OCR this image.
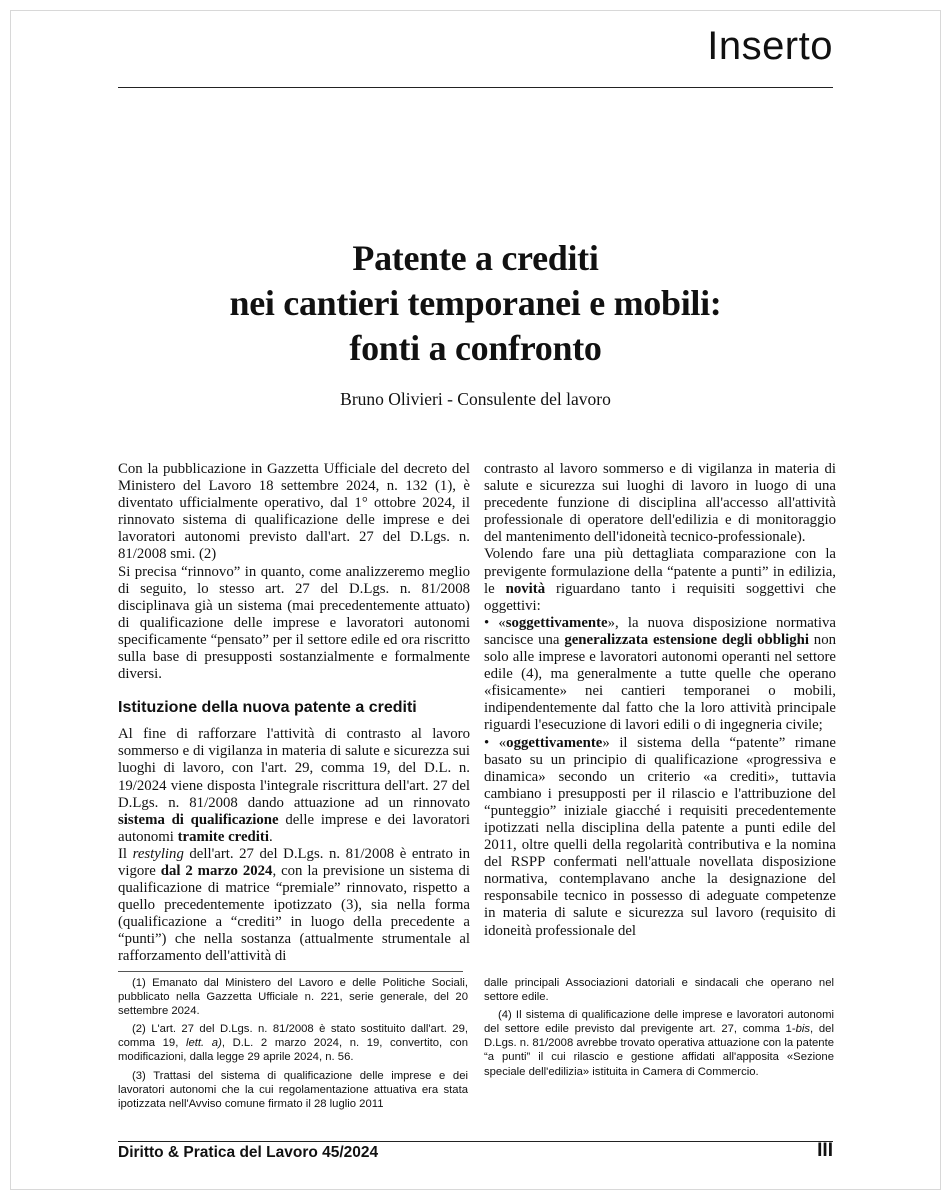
Inserto
Patente a crediti
nei cantieri temporanei e mobili:
fonti a confronto
Bruno Olivieri - Consulente del lavoro

Con la pubblicazione in Gazzetta Ufficiale del decreto del Ministero del Lavoro 18 settembre 2024, n. 132 (1), è diventato ufficialmente operativo, dal 1° ottobre 2024, il rinnovato sistema di qualificazione delle imprese e dei lavoratori autonomi previsto dall'art. 27 del D.Lgs. n. 81/2008 smi. (2)

Si precisa “rinnovo” in quanto, come analizzeremo meglio di seguito, lo stesso art. 27 del D.Lgs. n. 81/2008 disciplinava già un sistema (mai precedentemente attuato) di qualificazione delle imprese e lavoratori autonomi specificamente “pensato” per il settore edile ed ora riscritto sulla base di presupposti sostanzialmente e formalmente diversi.

Istituzione della nuova patente a crediti

Al fine di rafforzare l'attività di contrasto al lavoro sommerso e di vigilanza in materia di salute e sicurezza sui luoghi di lavoro, con l'art. 29, comma 19, del D.L. n. 19/2024 viene disposta l'integrale riscrittura dell'art. 27 del D.Lgs. n. 81/2008 dando attuazione ad un rinnovato sistema di qualificazione delle imprese e dei lavoratori autonomi tramite crediti.

Il restyling dell'art. 27 del D.Lgs. n. 81/2008 è entrato in vigore dal 2 marzo 2024, con la previsione un sistema di qualificazione di matrice “premiale” rinnovato, rispetto a quello precedentemente ipotizzato (3), sia nella forma (qualificazione a “crediti” in luogo della precedente a “punti”) che nella sostanza (attualmente strumentale al rafforzamento dell'attività di

contrasto al lavoro sommerso e di vigilanza in materia di salute e sicurezza sui luoghi di lavoro in luogo di una precedente funzione di disciplina all'accesso all'attività professionale di operatore dell'edilizia e di monitoraggio del mantenimento dell'idoneità tecnico-professionale).

Volendo fare una più dettagliata comparazione con la previgente formulazione della “patente a punti” in edilizia, le novità riguardano tanto i requisiti soggettivi che oggettivi:

• «soggettivamente», la nuova disposizione normativa sancisce una generalizzata estensione degli obblighi non solo alle imprese e lavoratori autonomi operanti nel settore edile (4), ma generalmente a tutte quelle che operano «fisicamente» nei cantieri temporanei o mobili, indipendentemente dal fatto che la loro attività principale riguardi l'esecuzione di lavori edili o di ingegneria civile;

• «oggettivamente» il sistema della “patente” rimane basato su un principio di qualificazione «progressiva e dinamica» secondo un criterio «a crediti», tuttavia cambiano i presupposti per il rilascio e l'attribuzione del “punteggio” iniziale giacché i requisiti precedentemente ipotizzati nella disciplina della patente a punti edile del 2011, oltre quelli della regolarità contributiva e la nomina del RSPP confermati nell'attuale novellata disposizione normativa, contemplavano anche la designazione del responsabile tecnico in possesso di adeguate competenze in materia di salute e sicurezza sul lavoro (requisito di idoneità professionale del

(1) Emanato dal Ministero del Lavoro e delle Politiche Sociali, pubblicato nella Gazzetta Ufficiale n. 221, serie generale, del 20 settembre 2024.

(2) L'art. 27 del D.Lgs. n. 81/2008 è stato sostituito dall'art. 29, comma 19, lett. a), D.L. 2 marzo 2024, n. 19, convertito, con modificazioni, dalla legge 29 aprile 2024, n. 56.

(3) Trattasi del sistema di qualificazione delle imprese e dei lavoratori autonomi che la cui regolamentazione attuativa era stata ipotizzata nell'Avviso comune firmato il 28 luglio 2011

dalle principali Associazioni datoriali e sindacali che operano nel settore edile.

(4) Il sistema di qualificazione delle imprese e lavoratori autonomi del settore edile previsto dal previgente art. 27, comma 1-bis, del D.Lgs. n. 81/2008 avrebbe trovato operativa attuazione con la patente “a punti” il cui rilascio e gestione affidati all'apposita «Sezione speciale dell'edilizia» istituita in Camera di Commercio.

Diritto & Pratica del Lavoro 45/2024	III
